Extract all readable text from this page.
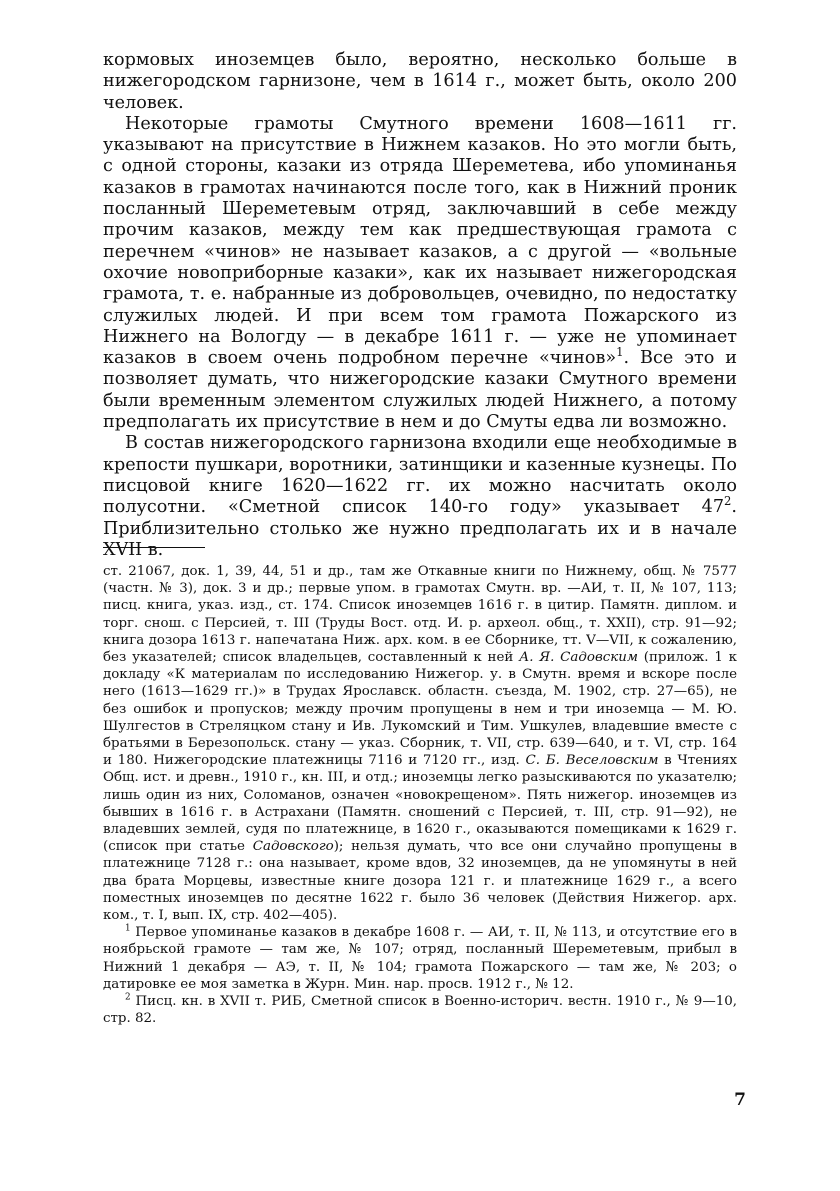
кормовых иноземцев было, вероятно, несколько больше в нижегородском гарнизоне, чем в 1614 г., может быть, около 200 человек.

Некоторые грамоты Смутного времени 1608—1611 гг. указывают на присутствие в Нижнем казаков. Но это могли быть, с одной стороны, казаки из отряда Шереметева, ибо упоминанья казаков в грамотах начинаются после того, как в Нижний проник посланный Шереметевым отряд, заключавший в себе между прочим казаков, между тем как предшествующая грамота с перечнем «чинов» не называет казаков, а с другой — «вольные охочие новоприборные казаки», как их называет нижегородская грамота, т. е. набранные из добровольцев, очевидно, по недостатку служилых людей. И при всем том грамота Пожарского из Нижнего на Вологду — в декабре 1611 г. — уже не упоминает казаков в своем очень подробном перечне «чинов»$^1$. Все это и позволяет думать, что нижегородские казаки Смутного времени были временным элементом служилых людей Нижнего, а потому предполагать их присутствие в нем и до Смуты едва ли возможно.

В состав нижегородского гарнизона входили еще необходимые в крепости пушкари, воротники, затинщики и казенные кузнецы. По писцовой книге 1620—1622 гг. их можно насчитать около полусотни. «Сметной список 140-го году» указывает $47^2$. Приблизительно столько же нужно предполагать их и в начале XVII в.

ст. 21067, док. 1, 39, 44, 51 и др., там же Откавные книги по Нижнему, общ. № 7577 (частн. № 3), док. 3 и др.; первые упом. в грамотах Смутн. вр. —АИ, т. II, № 107, 113; писц. книга, указ. изд., ст. 174. Список иноземцев 1616 г. в цитир. Памятн. диплом. и торг. снош. с Персией, т. III (Труды Вост. отд. И. р. археол. общ., т. XXII), стр. 91—92; книга дозора 1613 г. напечатана Ниж. арх. ком. в ее Сборнике, тт. V—VII, к сожалению, без указателей; список владельцев, составленный к ней А. Я. Садовским (прилож. 1 к докладу «К материалам по исследованию Нижегор. у. в Смутн. время и вскоре после него (1613—1629 гг.)» в Трудах Ярославск. областн. съезда, М. 1902, стр. 27—65), не без ошибок и пропусков; между прочим пропущены в нем и три иноземца — М. Ю. Шулгестов в Стреляцком стану и Ив. Лукомский и Тим. Ушкулев, владевшие вместе с братьями в Березопольск. стану — указ. Сборник, т. VII, стр. 639—640, и т. VI, стр. 164 и 180. Нижегородские платежницы 7116 и 7120 гг., изд. С. Б. Веселовским в Чтениях Общ. ист. и древн., 1910 г., кн. III, и отд.; иноземцы легко разыскиваются по указателю; лишь один из них, Соломанов, означен «новокрещеном». Пять нижегор. иноземцев из бывших в 1616 г. в Астрахани (Памятн. сношений с Персией, т. III, стр. 91—92), не владевших землей, судя по платежнице, в 1620 г., оказываются помещиками к 1629 г. (список при статье Садовского); нельзя думать, что все они случайно пропущены в платежнице 7128 г.: она называет, кроме вдов, 32 иноземцев, да не упомянуты в ней два брата Морцевы, известные книге дозора 121 г. и платежнице 1629 г., а всего поместных иноземцев по десятне 1622 г. было 36 человек (Действия Нижегор. арх. ком., т. I, вып. IX, стр. 402—405).

$^1$ Первое упоминанье казаков в декабре 1608 г. — АИ, т. II, № 113, и отсутствие его в ноябрьской грамоте — там же, № 107; отряд, посланный Шереметевым, прибыл в Нижний 1 декабря — АЭ, т. II, № 104; грамота Пожарского — там же, № 203; о датировке ее моя заметка в Журн. Мин. нар. просв. 1912 г., № 12.

$^2$ Писц. кн. в XVII т. РИБ, Сметной список в Военно-историч. вестн. 1910 г., № 9—10, стр. 82.

7
